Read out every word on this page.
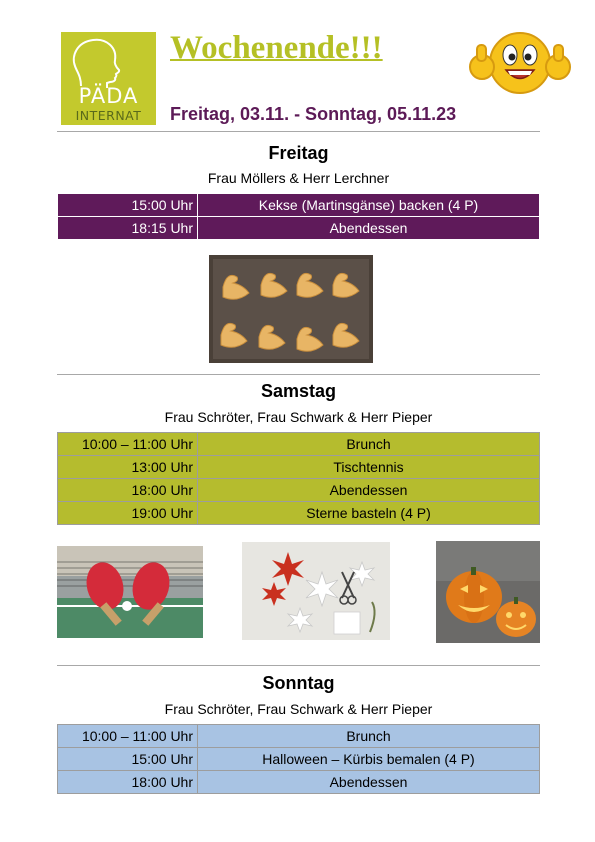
PÄDA
INTERNAT
Wochenende!!!
Freitag, 03.11. - Sonntag, 05.11.23
Freitag
Frau Möllers & Herr Lerchner
15:00 Uhr	Kekse (Martinsgänse) backen (4 P)
18:15 Uhr	Abendessen
Samstag
Frau Schröter, Frau Schwark & Herr Pieper
10:00 – 11:00 Uhr	Brunch
13:00 Uhr	Tischtennis
18:00 Uhr	Abendessen
19:00 Uhr	Sterne basteln (4 P)
Sonntag
Frau Schröter, Frau Schwark & Herr Pieper
10:00 – 11:00 Uhr	Brunch
15:00 Uhr	Halloween – Kürbis bemalen (4 P)
18:00 Uhr	Abendessen
